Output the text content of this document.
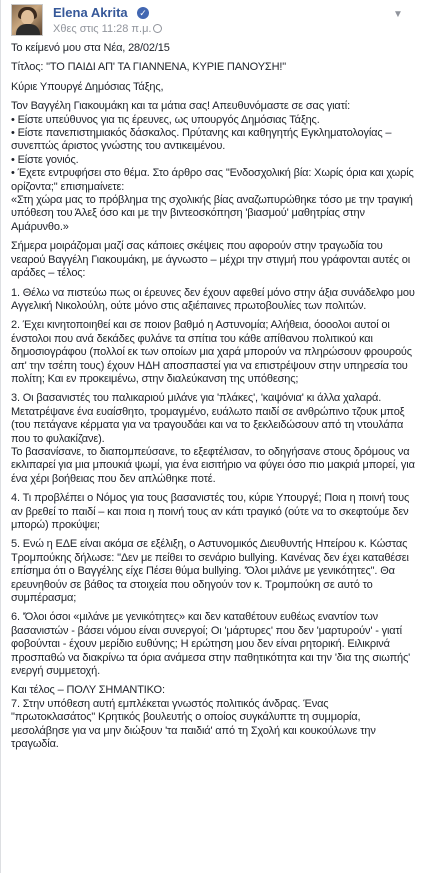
Elena Akrita ✓
Χθες στις 11:28 π.μ.
▼

Το κείμενό μου στα Νέα, 28/02/15

Τίτλος: "ΤΟ ΠΑΙΔΙ ΑΠ' ΤΑ ΓΙΑΝΝΕΝΑ, ΚΥΡΙΕ ΠΑΝΟΥΣΗ!"

Κύριε Υπουργέ Δημόσιας Τάξης,

Τον Βαγγέλη Γιακουμάκη και τα μάτια σας! Απευθυνόμαστε σε σας γιατί:
• Είστε υπεύθυνος για τις έρευνες, ως υπουργός Δημόσιας Τάξης.
• Είστε πανεπιστημιακός δάσκαλος. Πρύτανης και καθηγητής Εγκληματολογίας – συνεπτώς άριστος γνώστης του αντικειμένου.
• Είστε γονιός.
• Έχετε εντρυφήσει στο θέμα. Στο άρθρο σας "Ενδοσχολική βία: Χωρίς όρια και χωρίς ορίζοντα;" επισημαίνετε:
«Στη χώρα μας το πρόβλημα της σχολικής βίας αναζωπυρώθηκε τόσο με την τραγική υπόθεση του Άλεξ όσο και με την βιντεοσκόπηση 'βιασμού' μαθητρίας στην Αμάρυνθο.»

Σήμερα μοιράζομαι μαζί σας κάποιες σκέψεις που αφορούν στην τραγωδία του νεαρού Βαγγέλη Γιακουμάκη, με άγνωστο – μέχρι την στιγμή που γράφονται αυτές οι αράδες – τέλος:

1. Θέλω να πιστεύω πως οι έρευνες δεν έχουν αφεθεί μόνο στην άξια συνάδελφο μου Αγγελική Νικολούλη, ούτε μόνο στις αξιέπαινες πρωτοβουλίες των πολιτών.

2. Έχει κινητοποιηθεί και σε ποιον βαθμό η Αστυνομία; Αλήθεια, όοοολοι αυτοί οι ένστολοι που ανά δεκάδες φυλάνε τα σπίτια του κάθε απίθανου πολιτικού και δημοσιογράφου (πολλοί εκ των οποίων μια χαρά μπορούν να πληρώσουν φρουρούς απ' την τσέπη τους) έχουν ΗΔΗ αποσπαστεί για να επιστρέψουν στην υπηρεσία του πολίτη; Και εν προκειμένω, στην διαλεύκανση της υπόθεσης;

3. Οι βασανιστές του παλικαριού μιλάνε για 'πλάκες', 'καψόνια' κι άλλα χαλαρά. Μετατρέψανε ένα ευαίσθητο, τρομαγμένο, ευάλωτο παιδί σε ανθρώπινο τζουκ μποξ (του πετάγανε κέρματα για να τραγουδάει και να το ξεκλειδώσουν από τη ντουλάπα που το φυλακίζανε).
Το βασανίσανε, το διαπομπεύσανε, το εξεφτέλισαν, το οδηγήσανε στους δρόμους να εκλιπαρεί για μια μπουκιά ψωμί, για ένα εισιτήριο να φύγει όσο πιο μακριά μπορεί, για ένα χέρι βοήθειας που δεν απλώθηκε ποτέ.

4. Τι προβλέπει ο Νόμος για τους βασανιστές του, κύριε Υπουργέ; Ποια η ποινή τους αν βρεθεί το παιδί – και ποια η ποινή τους αν κάτι τραγικό (ούτε να το σκεφτούμε δεν μπορώ) προκύψει;

5. Ενώ η ΕΔΕ είναι ακόμα σε εξέλιξη, ο Αστυνομικός Διευθυντής Ηπείρου κ. Κώστας Τρομπούκης δήλωσε: "Δεν με πείθει το σενάριο bullying. Κανένας δεν έχει καταθέσει επίσημα ότι ο Βαγγέλης είχε Πέσει θύμα bullying. 'Όλοι μιλάνε με γενικότητες". Θα ερευνηθούν σε βάθος τα στοιχεία που οδηγούν τον κ. Τρομπούκη σε αυτό το συμπέρασμα;

6. 'Όλοι όσοι «μιλάνε με γενικότητες» και δεν καταθέτουν ευθέως εναντίον των βασανιστών - βάσει νόμου είναι συνεργοί; Οι 'μάρτυρες' που δεν 'μαρτυρούν' - γιατί φοβούνται - έχουν μερίδιο ευθύνης; Η ερώτηση μου δεν είναι ρητορική. Ειλικρινά προσπαθώ να διακρίνω τα όρια ανάμεσα στην παθητικότητα και την 'δια της σιωπής' ενεργή συμμετοχή.

Και τέλος – ΠΟΛΥ ΣΗΜΑΝΤΙΚΟ:
7. Στην υπόθεση αυτή εμπλέκεται γνωστός πολιτικός άνδρας. Ένας "πρωτοκλασάτος" Κρητικός βουλευτής ο οποίος συγκάλυπτε τη συμμορία, μεσολάβησε για να μην διώξουν 'τα παιδιά' από τη Σχολή και κουκούλωνε την τραγωδία.
